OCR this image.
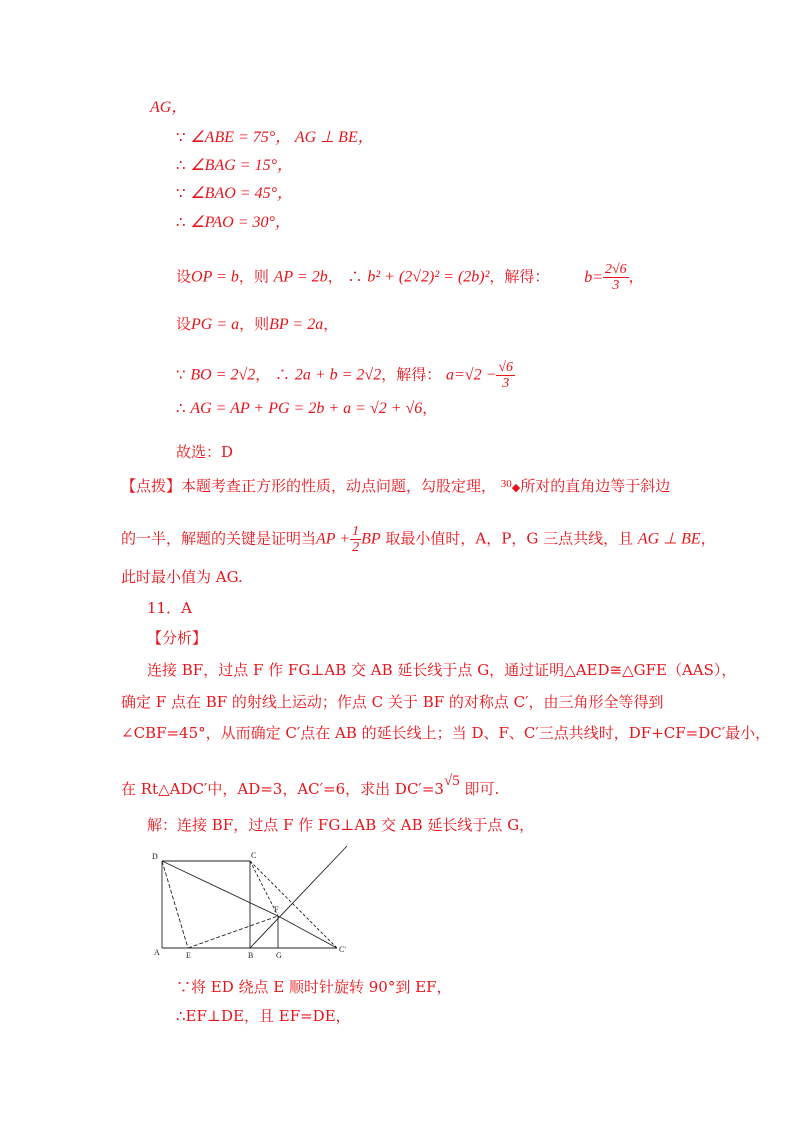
AG，
∵ ∠ABE = 75°， AG ⊥ BE，
∴ ∠BAG = 15°，
∵ ∠BAO = 45°，
∴ ∠PAO = 30°，
设OP = b，则 AP = 2b， ∴ b² + (2√2)² = (2b)²，解得： $b= \frac{2√6}{3}$ ，
设PG = a，则BP = 2a，
∵ BO = 2√2， ∴ 2a + b = 2√2，解得： $a=√2 - \frac{√6}{3}$
∴ AG = AP + PG = 2b + a = √2 + √6，
故选：D
【点拨】本题考查正方形的性质，动点问题，勾股定理， $^{30}$◆所对的直角边等于斜边
的一半，解题的关键是证明当AP + $\frac{1}{2}$ BP 取最小值时，A，P，G 三点共线，且 AG ⊥ BE，
此时最小值为 AG.
11．A
【分析】
连接 BF，过点 F 作 FG⊥AB 交 AB 延长线于点 G，通过证明△AED≅△GFE（AAS），
确定 F 点在 BF 的射线上运动；作点 C 关于 BF 的对称点 C′，由三角形全等得到
∠CBF=45°，从而确定 C′点在 AB 的延长线上；当 D、F、C′三点共线时，DF+CF=DC′最小，
在 Rt△ADC′中，AD=3，AC′=6，求出 DC′=3√5 即可.
解：连接 BF，过点 F 作 FG⊥AB 交 AB 延长线于点 G，
D	C
A	E	B	G
C'
F
∵将 ED 绕点 E 顺时针旋转 90°到 EF，
∴EF⊥DE，且 EF=DE，
